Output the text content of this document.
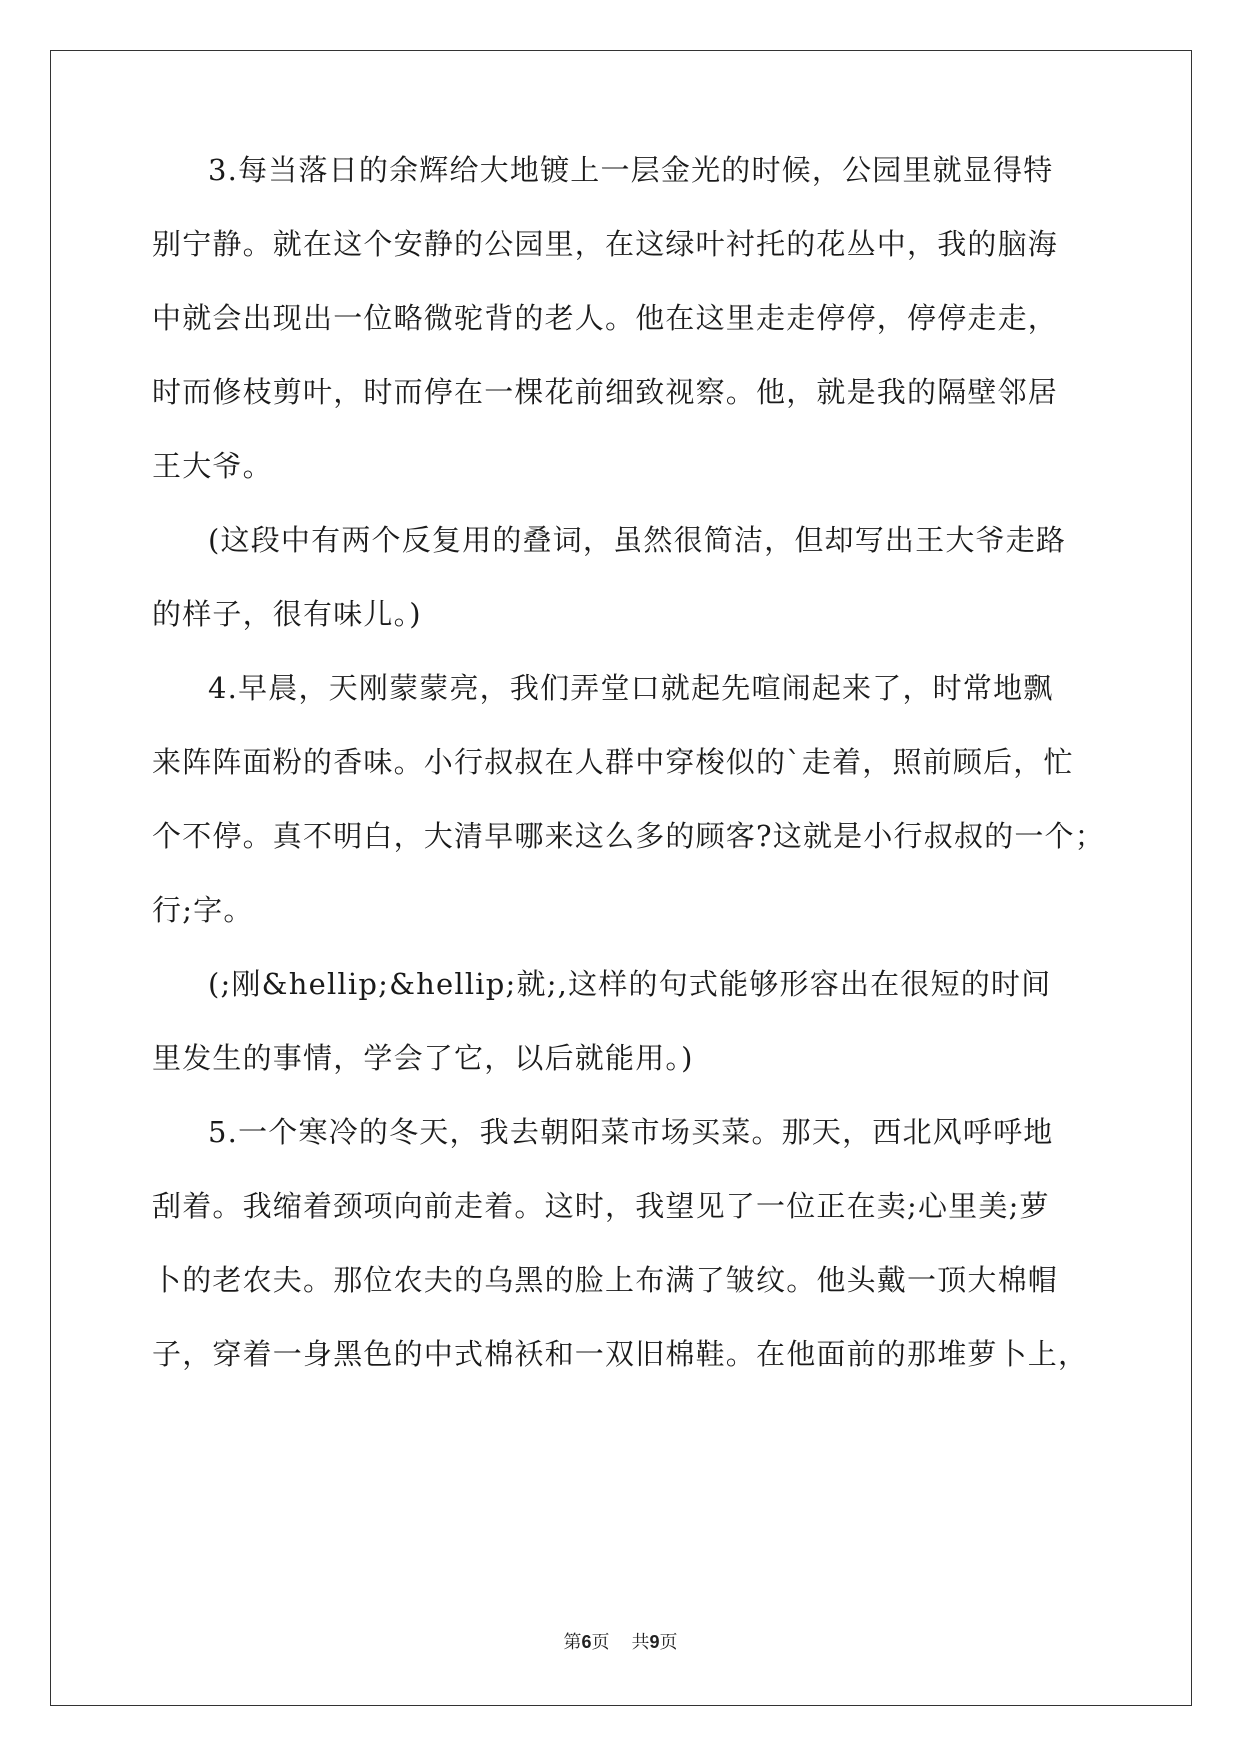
3.每当落日的余辉给大地镀上一层金光的时候，公园里就显得特
别宁静。就在这个安静的公园里，在这绿叶衬托的花丛中，我的脑海
中就会出现出一位略微驼背的老人。他在这里走走停停，停停走走，
时而修枝剪叶，时而停在一棵花前细致视察。他，就是我的隔壁邻居
王大爷。
(这段中有两个反复用的叠词，虽然很简洁，但却写出王大爷走路
的样子，很有味儿。)
4.早晨，天刚蒙蒙亮，我们弄堂口就起先喧闹起来了，时常地飘
来阵阵面粉的香味。小行叔叔在人群中穿梭似的`走着，照前顾后，忙
个不停。真不明白，大清早哪来这么多的顾客?这就是小行叔叔的一个；
行;字。
(;刚&hellip;&hellip;就;,这样的句式能够形容出在很短的时间
里发生的事情，学会了它，以后就能用。)
5.一个寒冷的冬天，我去朝阳菜市场买菜。那天，西北风呼呼地
刮着。我缩着颈项向前走着。这时，我望见了一位正在卖;心里美;萝
卜的老农夫。那位农夫的乌黑的脸上布满了皱纹。他头戴一顶大棉帽
子，穿着一身黑色的中式棉袄和一双旧棉鞋。在他面前的那堆萝卜上，
第6页 共9页
